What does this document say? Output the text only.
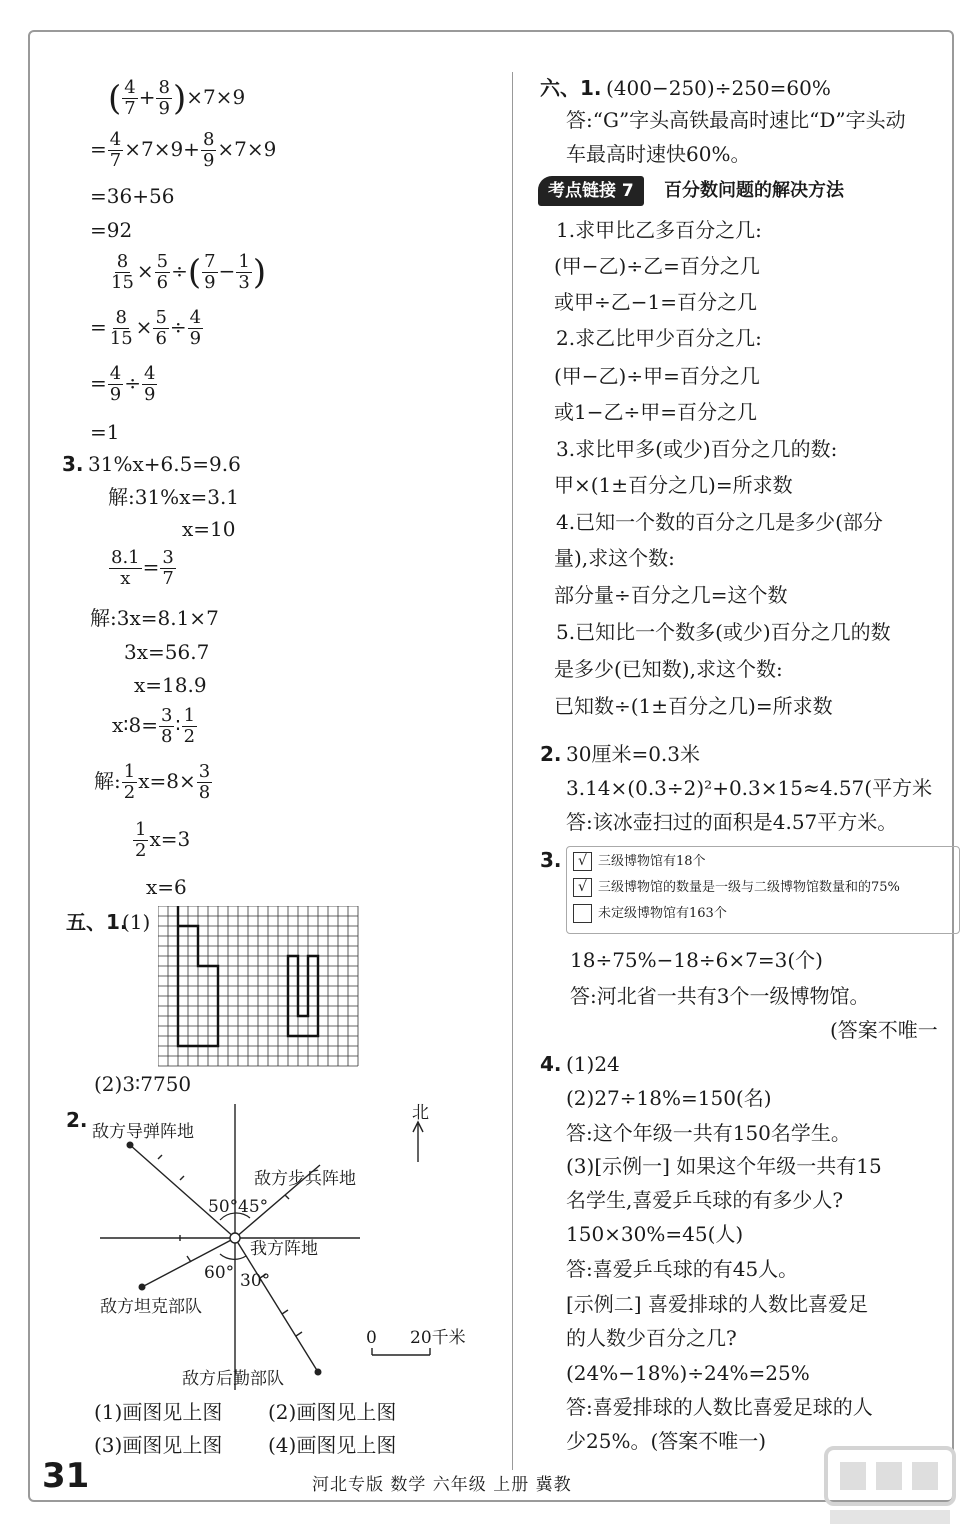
( $\frac{4}{7} + \frac{8}{9} )\times 7\times 9$
= $\frac{4}{7} \times 7\times 9+ \frac{8}{9} \times 7\times 9$
=36+56
=92
$\frac{8}{15} \times \frac{5}{6}$ ÷( $\frac{7}{9} - \frac{1}{3}$ )
= $\frac{8}{15} \times \frac{5}{6} \div \frac{4}{9}$
= $\frac{4}{9} \div \frac{4}{9}$
=1
3. 31%x+6.5=9.6
解:31%x=3.1
x=10
$\frac{8.1}{x} = \frac{3}{7}$
解:3x=8.1×7
3x=56.7
x=18.9
x∶8= $\frac{3}{8}$ ∶ $\frac{1}{2}$
解: $\frac{1}{2} x=8\times \frac{3}{8}$
$\frac{1}{2} x=3$
x=6
五、1.
(1)
(2)3∶7750
2. 敌方导弹阵地
敌方步兵阵地
我方阵地
敌方坦克部队
敌方后勤部队
北
50° 45°
60° 30°
0 20千米
(1)画图见上图 (2)画图见上图
(3)画图见上图 (4)画图见上图
六、1. (400−250)÷250=60%
答:“G”字头高铁最高时速比“D”字头动
车最高时速快60%。
考点链接 7	百分数问题的解决方法
1.求甲比乙多百分之几:
(甲−乙)÷乙=百分之几
或甲÷乙−1=百分之几
2.求乙比甲少百分之几:
(甲−乙)÷甲=百分之几
或1−乙÷甲=百分之几
3.求比甲多(或少)百分之几的数:
甲×(1±百分之几)=所求数
4.已知一个数的百分之几是多少(部分
量),求这个数:
部分量÷百分之几=这个数
5.已知比一个数多(或少)百分之几的数
是多少(已知数),求这个数:
已知数÷(1±百分之几)=所求数
2. 30厘米=0.3米
3.14×(0.3÷2)²+0.3×15≈4.57(平方米
答:该冰壶扫过的面积是4.57平方米。
3.	√ 三级博物馆有18个
√ 三级博物馆的数量是一级与二级博物馆数量和的75%
未定级博物馆有163个
18÷75%−18÷6×7=3(个)
答:河北省一共有3个一级博物馆。
(答案不唯一
4. (1)24
(2)27÷18%=150(名)
答:这个年级一共有150名学生。
(3)[示例一] 如果这个年级一共有15
名学生,喜爱乒乓球的有多少人?
150×30%=45(人)
答:喜爱乒乓球的有45人。
[示例二] 喜爱排球的人数比喜爱足
的人数少百分之几?
(24%−18%)÷24%=25%
答:喜爱排球的人数比喜爱足球的人
少25%。(答案不唯一)
31	河北专版 数学 六年级 上册 冀教
